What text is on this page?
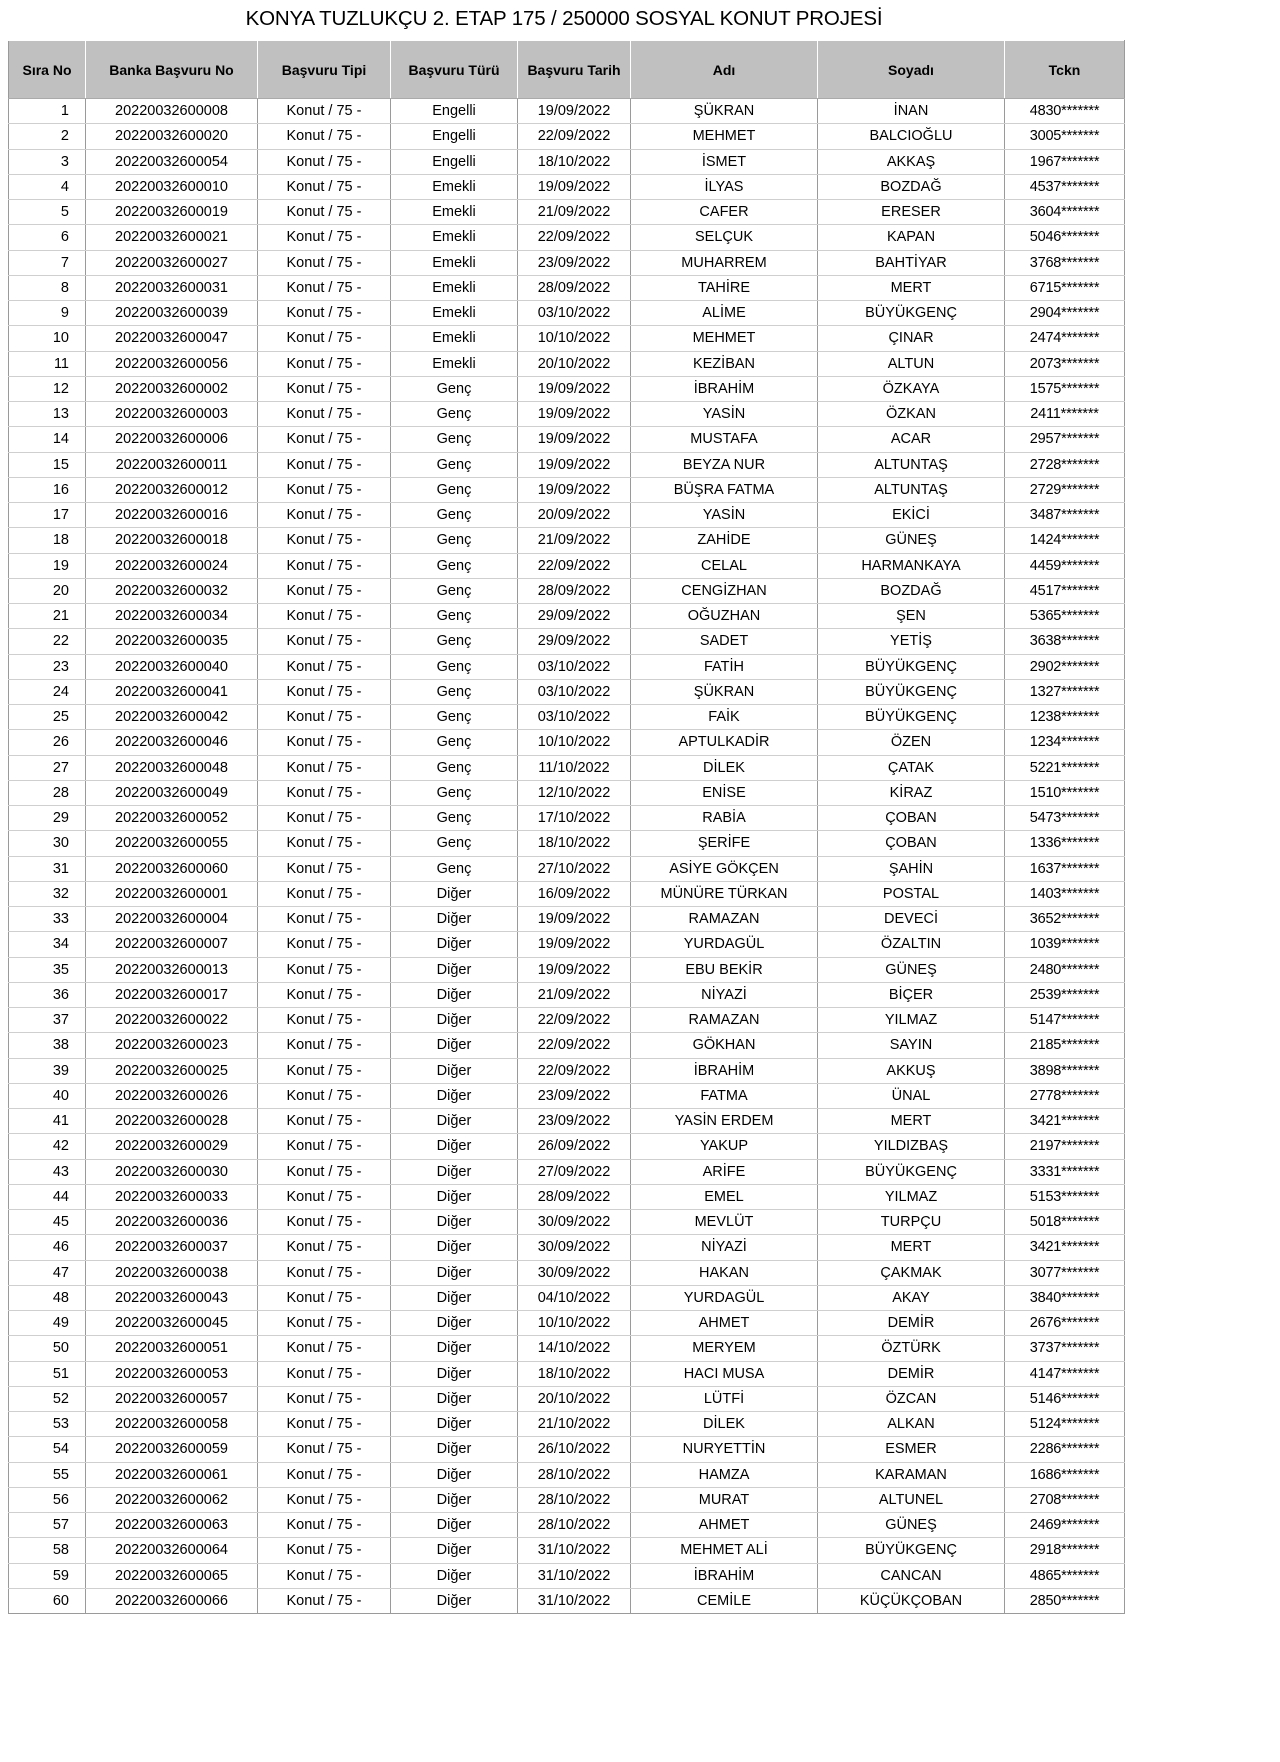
KONYA TUZLUKÇU 2. ETAP 175 / 250000 SOSYAL KONUT PROJESİ
Sıra No	Banka Başvuru No	Başvuru Tipi	Başvuru Türü	Başvuru Tarih	Adı	Soyadı	Tckn
1	20220032600008	Konut / 75 -	Engelli	19/09/2022	ŞÜKRAN	İNAN	4830*******
2	20220032600020	Konut / 75 -	Engelli	22/09/2022	MEHMET	BALCIOĞLU	3005*******
3	20220032600054	Konut / 75 -	Engelli	18/10/2022	İSMET	AKKAŞ	1967*******
4	20220032600010	Konut / 75 -	Emekli	19/09/2022	İLYAS	BOZDAĞ	4537*******
5	20220032600019	Konut / 75 -	Emekli	21/09/2022	CAFER	ERESER	3604*******
6	20220032600021	Konut / 75 -	Emekli	22/09/2022	SELÇUK	KAPAN	5046*******
7	20220032600027	Konut / 75 -	Emekli	23/09/2022	MUHARREM	BAHTİYAR	3768*******
8	20220032600031	Konut / 75 -	Emekli	28/09/2022	TAHİRE	MERT	6715*******
9	20220032600039	Konut / 75 -	Emekli	03/10/2022	ALİME	BÜYÜKGENÇ	2904*******
10	20220032600047	Konut / 75 -	Emekli	10/10/2022	MEHMET	ÇINAR	2474*******
11	20220032600056	Konut / 75 -	Emekli	20/10/2022	KEZİBAN	ALTUN	2073*******
12	20220032600002	Konut / 75 -	Genç	19/09/2022	İBRAHİM	ÖZKAYA	1575*******
13	20220032600003	Konut / 75 -	Genç	19/09/2022	YASİN	ÖZKAN	2411*******
14	20220032600006	Konut / 75 -	Genç	19/09/2022	MUSTAFA	ACAR	2957*******
15	20220032600011	Konut / 75 -	Genç	19/09/2022	BEYZA NUR	ALTUNTAŞ	2728*******
16	20220032600012	Konut / 75 -	Genç	19/09/2022	BÜŞRA FATMA	ALTUNTAŞ	2729*******
17	20220032600016	Konut / 75 -	Genç	20/09/2022	YASİN	EKİCİ	3487*******
18	20220032600018	Konut / 75 -	Genç	21/09/2022	ZAHİDE	GÜNEŞ	1424*******
19	20220032600024	Konut / 75 -	Genç	22/09/2022	CELAL	HARMANKAYA	4459*******
20	20220032600032	Konut / 75 -	Genç	28/09/2022	CENGİZHAN	BOZDAĞ	4517*******
21	20220032600034	Konut / 75 -	Genç	29/09/2022	OĞUZHAN	ŞEN	5365*******
22	20220032600035	Konut / 75 -	Genç	29/09/2022	SADET	YETİŞ	3638*******
23	20220032600040	Konut / 75 -	Genç	03/10/2022	FATİH	BÜYÜKGENÇ	2902*******
24	20220032600041	Konut / 75 -	Genç	03/10/2022	ŞÜKRAN	BÜYÜKGENÇ	1327*******
25	20220032600042	Konut / 75 -	Genç	03/10/2022	FAİK	BÜYÜKGENÇ	1238*******
26	20220032600046	Konut / 75 -	Genç	10/10/2022	APTULKADİR	ÖZEN	1234*******
27	20220032600048	Konut / 75 -	Genç	11/10/2022	DİLEK	ÇATAK	5221*******
28	20220032600049	Konut / 75 -	Genç	12/10/2022	ENİSE	KİRAZ	1510*******
29	20220032600052	Konut / 75 -	Genç	17/10/2022	RABİA	ÇOBAN	5473*******
30	20220032600055	Konut / 75 -	Genç	18/10/2022	ŞERİFE	ÇOBAN	1336*******
31	20220032600060	Konut / 75 -	Genç	27/10/2022	ASİYE GÖKÇEN	ŞAHİN	1637*******
32	20220032600001	Konut / 75 -	Diğer	16/09/2022	MÜNÜRE TÜRKAN	POSTAL	1403*******
33	20220032600004	Konut / 75 -	Diğer	19/09/2022	RAMAZAN	DEVECİ	3652*******
34	20220032600007	Konut / 75 -	Diğer	19/09/2022	YURDAGÜL	ÖZALTIN	1039*******
35	20220032600013	Konut / 75 -	Diğer	19/09/2022	EBU BEKİR	GÜNEŞ	2480*******
36	20220032600017	Konut / 75 -	Diğer	21/09/2022	NİYAZİ	BİÇER	2539*******
37	20220032600022	Konut / 75 -	Diğer	22/09/2022	RAMAZAN	YILMAZ	5147*******
38	20220032600023	Konut / 75 -	Diğer	22/09/2022	GÖKHAN	SAYIN	2185*******
39	20220032600025	Konut / 75 -	Diğer	22/09/2022	İBRAHİM	AKKUŞ	3898*******
40	20220032600026	Konut / 75 -	Diğer	23/09/2022	FATMA	ÜNAL	2778*******
41	20220032600028	Konut / 75 -	Diğer	23/09/2022	YASİN ERDEM	MERT	3421*******
42	20220032600029	Konut / 75 -	Diğer	26/09/2022	YAKUP	YILDIZBAŞ	2197*******
43	20220032600030	Konut / 75 -	Diğer	27/09/2022	ARİFE	BÜYÜKGENÇ	3331*******
44	20220032600033	Konut / 75 -	Diğer	28/09/2022	EMEL	YILMAZ	5153*******
45	20220032600036	Konut / 75 -	Diğer	30/09/2022	MEVLÜT	TURPÇU	5018*******
46	20220032600037	Konut / 75 -	Diğer	30/09/2022	NİYAZİ	MERT	3421*******
47	20220032600038	Konut / 75 -	Diğer	30/09/2022	HAKAN	ÇAKMAK	3077*******
48	20220032600043	Konut / 75 -	Diğer	04/10/2022	YURDAGÜL	AKAY	3840*******
49	20220032600045	Konut / 75 -	Diğer	10/10/2022	AHMET	DEMİR	2676*******
50	20220032600051	Konut / 75 -	Diğer	14/10/2022	MERYEM	ÖZTÜRK	3737*******
51	20220032600053	Konut / 75 -	Diğer	18/10/2022	HACI MUSA	DEMİR	4147*******
52	20220032600057	Konut / 75 -	Diğer	20/10/2022	LÜTFİ	ÖZCAN	5146*******
53	20220032600058	Konut / 75 -	Diğer	21/10/2022	DİLEK	ALKAN	5124*******
54	20220032600059	Konut / 75 -	Diğer	26/10/2022	NURYETTİN	ESMER	2286*******
55	20220032600061	Konut / 75 -	Diğer	28/10/2022	HAMZA	KARAMAN	1686*******
56	20220032600062	Konut / 75 -	Diğer	28/10/2022	MURAT	ALTUNEL	2708*******
57	20220032600063	Konut / 75 -	Diğer	28/10/2022	AHMET	GÜNEŞ	2469*******
58	20220032600064	Konut / 75 -	Diğer	31/10/2022	MEHMET ALİ	BÜYÜKGENÇ	2918*******
59	20220032600065	Konut / 75 -	Diğer	31/10/2022	İBRAHİM	CANCAN	4865*******
60	20220032600066	Konut / 75 -	Diğer	31/10/2022	CEMİLE	KÜÇÜKÇOBAN	2850*******
